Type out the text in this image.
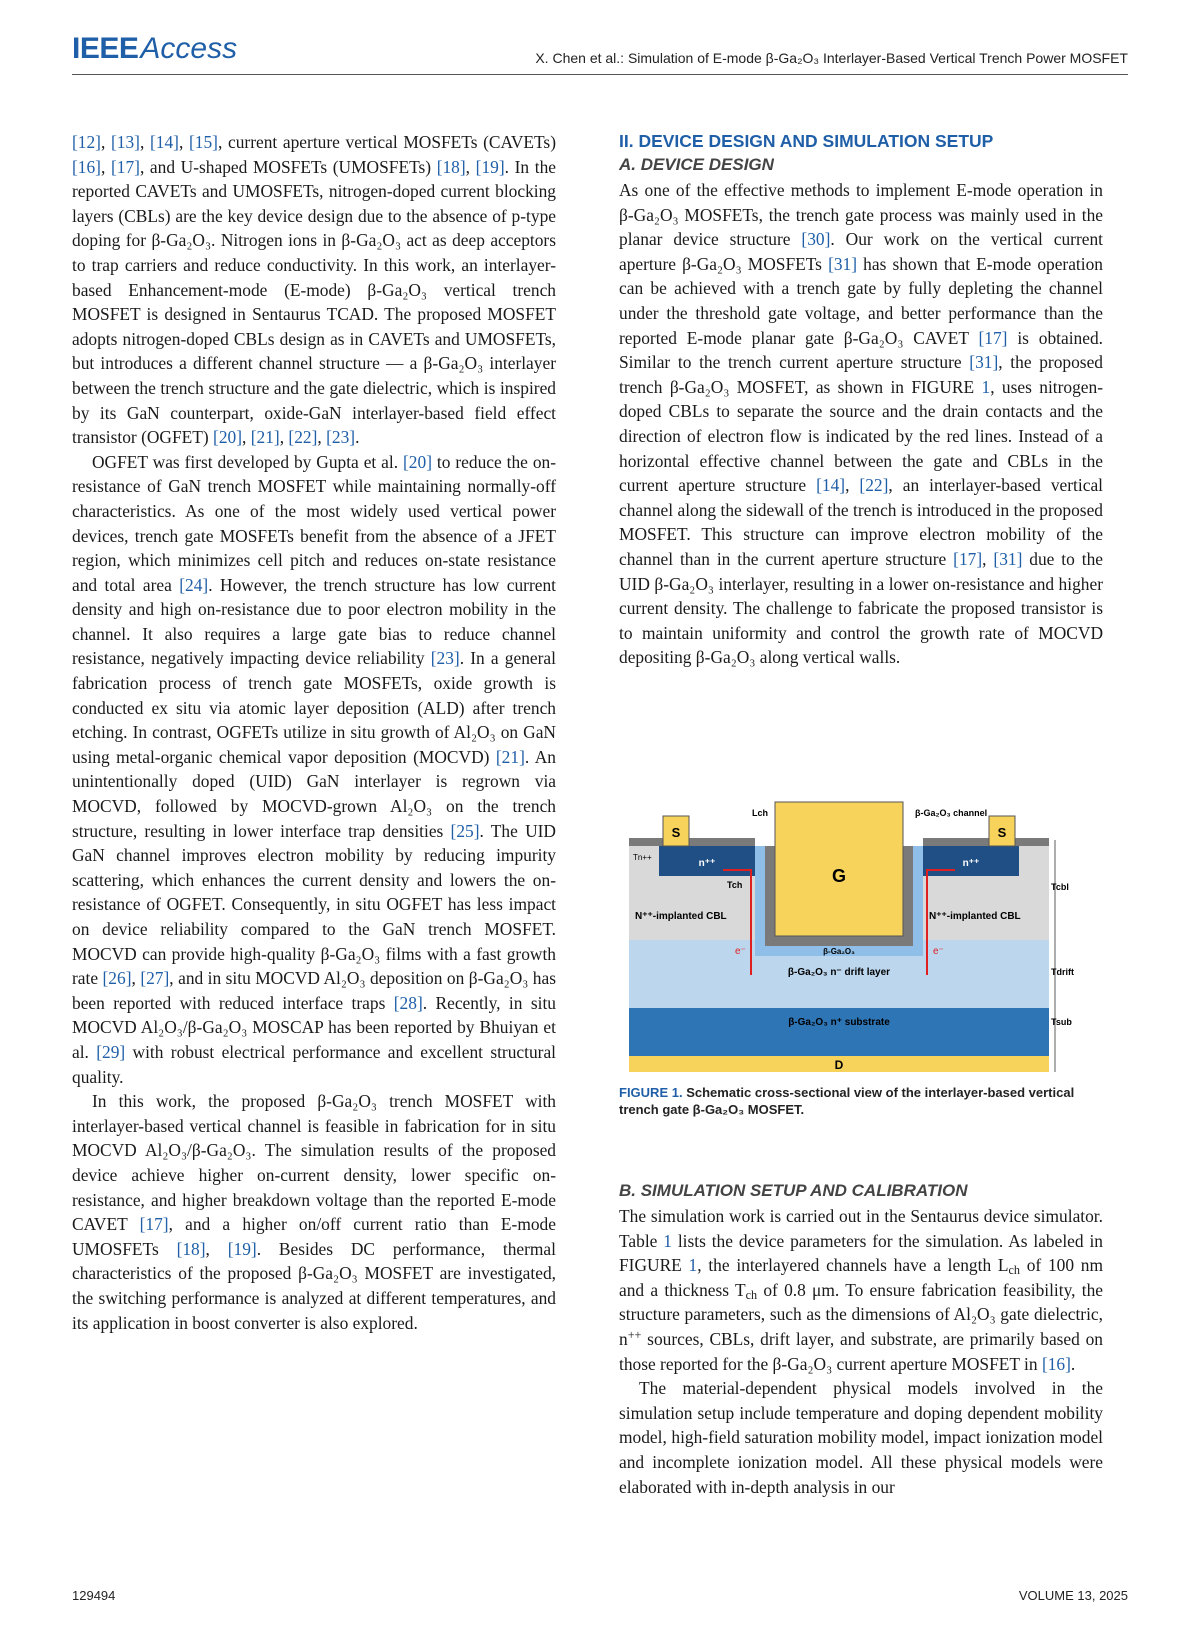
IEEEAccess	X. Chen et al.: Simulation of E-mode β-Ga₂O₃ Interlayer-Based Vertical Trench Power MOSFET

[12], [13], [14], [15], current aperture vertical MOSFETs (CAVETs) [16], [17], and U-shaped MOSFETs (UMOSFETs) [18], [19]. In the reported CAVETs and UMOSFETs, nitrogen-doped current blocking layers (CBLs) are the key device design due to the absence of p-type doping for β-Ga₂O₃. Nitrogen ions in β-Ga₂O₃ act as deep acceptors to trap carriers and reduce conductivity. In this work, an interlayer-based Enhancement-mode (E-mode) β-Ga₂O₃ vertical trench MOSFET is designed in Sentaurus TCAD. The proposed MOSFET adopts nitrogen-doped CBLs design as in CAVETs and UMOSFETs, but introduces a different channel structure — a β-Ga₂O₃ interlayer between the trench structure and the gate dielectric, which is inspired by its GaN counterpart, oxide-GaN interlayer-based field effect transistor (OGFET) [20], [21], [22], [23].

OGFET was first developed by Gupta et al. [20] to reduce the on-resistance of GaN trench MOSFET while maintaining normally-off characteristics. As one of the most widely used vertical power devices, trench gate MOSFETs benefit from the absence of a JFET region, which minimizes cell pitch and reduces on-state resistance and total area [24]. However, the trench structure has low current density and high on-resistance due to poor electron mobility in the channel. It also requires a large gate bias to reduce channel resistance, negatively impacting device reliability [23]. In a general fabrication process of trench gate MOSFETs, oxide growth is conducted ex situ via atomic layer deposition (ALD) after trench etching. In contrast, OGFETs utilize in situ growth of Al₂O₃ on GaN using metal-organic chemical vapor deposition (MOCVD) [21]. An unintentionally doped (UID) GaN interlayer is regrown via MOCVD, followed by MOCVD-grown Al₂O₃ on the trench structure, resulting in lower interface trap densities [25]. The UID GaN channel improves electron mobility by reducing impurity scattering, which enhances the current density and lowers the on-resistance of OGFET. Consequently, in situ OGFET has less impact on device reliability compared to the GaN trench MOSFET. MOCVD can provide high-quality β-Ga₂O₃ films with a fast growth rate [26], [27], and in situ MOCVD Al₂O₃ deposition on β-Ga₂O₃ has been reported with reduced interface traps [28]. Recently, in situ MOCVD Al₂O₃/β-Ga₂O₃ MOSCAP has been reported by Bhuiyan et al. [29] with robust electrical performance and excellent structural quality.

In this work, the proposed β-Ga₂O₃ trench MOSFET with interlayer-based vertical channel is feasible in fabrication for in situ MOCVD Al₂O₃/β-Ga₂O₃. The simulation results of the proposed device achieve higher on-current density, lower specific on-resistance, and higher breakdown voltage than the reported E-mode CAVET [17], and a higher on/off current ratio than E-mode UMOSFETs [18], [19]. Besides DC performance, thermal characteristics of the proposed β-Ga₂O₃ MOSFET are investigated, the switching performance is analyzed at different temperatures, and its application in boost converter is also explored.

II. DEVICE DESIGN AND SIMULATION SETUP
A. DEVICE DESIGN

As one of the effective methods to implement E-mode operation in β-Ga₂O₃ MOSFETs, the trench gate process was mainly used in the planar device structure [30]. Our work on the vertical current aperture β-Ga₂O₃ MOSFETs [31] has shown that E-mode operation can be achieved with a trench gate by fully depleting the channel under the threshold gate voltage, and better performance than the reported E-mode planar gate β-Ga₂O₃ CAVET [17] is obtained. Similar to the trench current aperture structure [31], the proposed trench β-Ga₂O₃ MOSFET, as shown in FIGURE 1, uses nitrogen-doped CBLs to separate the source and the drain contacts and the direction of electron flow is indicated by the red lines. Instead of a horizontal effective channel between the gate and CBLs in the current aperture structure [14], [22], an interlayer-based vertical channel along the sidewall of the trench is introduced in the proposed MOSFET. This structure can improve electron mobility of the channel than in the current aperture structure [17], [31] due to the UID β-Ga₂O₃ interlayer, resulting in a lower on-resistance and higher current density. The challenge to fabricate the proposed transistor is to maintain uniformity and control the growth rate of MOCVD depositing β-Ga₂O₃ along vertical walls.

S	S
G
D
Lch	β-Ga₂O₃ channel
Tn++
n⁺⁺	n⁺⁺
Tch
N⁺⁺-implanted CBL	N⁺⁺-implanted CBL
Tcbl
e⁻	e⁻
β-Ga₂O₃
β-Ga₂O₃ n⁻ drift layer	Tdrift
β-Ga₂O₃ n⁺ substrate	Tsub
FIGURE 1. Schematic cross-sectional view of the interlayer-based vertical trench gate β-Ga₂O₃ MOSFET.
B. SIMULATION SETUP AND CALIBRATION

The simulation work is carried out in the Sentaurus device simulator. Table 1 lists the device parameters for the simulation. As labeled in FIGURE 1, the interlayered channels have a length $L_{ch}$ of 100 nm and a thickness $T_{ch}$ of 0.8 μm. To ensure fabrication feasibility, the structure parameters, such as the dimensions of Al₂O₃ gate dielectric, n++ sources, CBLs, drift layer, and substrate, are primarily based on those reported for the β-Ga₂O₃ current aperture MOSFET in [16].

The material-dependent physical models involved in the simulation setup include temperature and doping dependent mobility model, high-field saturation mobility model, impact ionization model and incomplete ionization model. All these physical models were elaborated with in-depth analysis in our

129494	VOLUME 13, 2025
